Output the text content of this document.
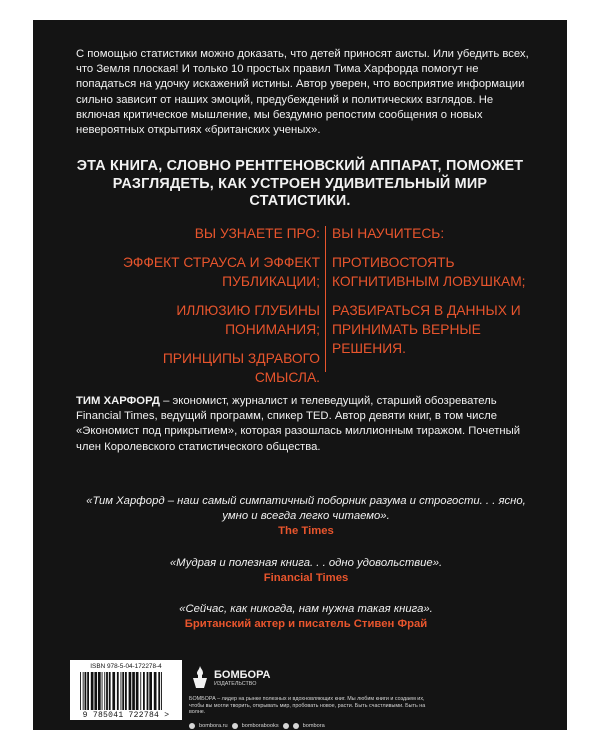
С помощью статистики можно доказать, что детей приносят аисты. Или убедить всех, что Земля плоская! И только 10 простых правил Тима Харфорда помогут не попадаться на удочку искажений истины. Автор уверен, что восприятие информации сильно зависит от наших эмоций, предубеждений и политических взглядов. Не включая критическое мышление, мы бездумно репостим сообщения о новых невероятных открытиях «британских ученых».

ЭТА КНИГА, СЛОВНО РЕНТГЕНОВСКИЙ АППАРАТ, ПОМОЖЕТ РАЗГЛЯДЕТЬ, КАК УСТРОЕН УДИВИТЕЛЬНЫЙ МИР СТАТИСТИКИ.

ВЫ УЗНАЕТЕ ПРО:
ЭФФЕКТ СТРАУСА И ЭФФЕКТ ПУБЛИКАЦИИ;
ИЛЛЮЗИЮ ГЛУБИНЫ ПОНИМАНИЯ;
ПРИНЦИПЫ ЗДРАВОГО СМЫСЛА.
ВЫ НАУЧИТЕСЬ:
ПРОТИВОСТОЯТЬ КОГНИТИВНЫМ ЛОВУШКАМ;
РАЗБИРАТЬСЯ В ДАННЫХ И ПРИНИМАТЬ ВЕРНЫЕ РЕШЕНИЯ.

ТИМ ХАРФОРД – экономист, журналист и телеведущий, старший обозреватель Financial Times, ведущий программ, спикер TED. Автор девяти книг, в том числе «Экономист под прикрытием», которая разошлась миллионным тиражом. Почетный член Королевского статистического общества.

«Тим Харфорд – наш самый симпатичный поборник разума и строгости. . . ясно, умно и всегда легко читаемо».
The Times
«Мудрая и полезная книга. . . одно удовольствие».
Financial Times
«Сейчас, как никогда, нам нужна такая книга».
Британский актер и писатель Стивен Фрай
ISBN 978-5-04-172278-4
9 785041 722784 >
БОМБОРА
ИЗДАТЕЛЬСТВО

БОМБОРА – лидер на рынке полезных и вдохновляющих книг. Мы любим книги и создаем их, чтобы вы могли творить, открывать мир, пробовать новое, расти. Быть счастливыми. Быть на волне.

bombora.ru	bomborabooks	bombora
